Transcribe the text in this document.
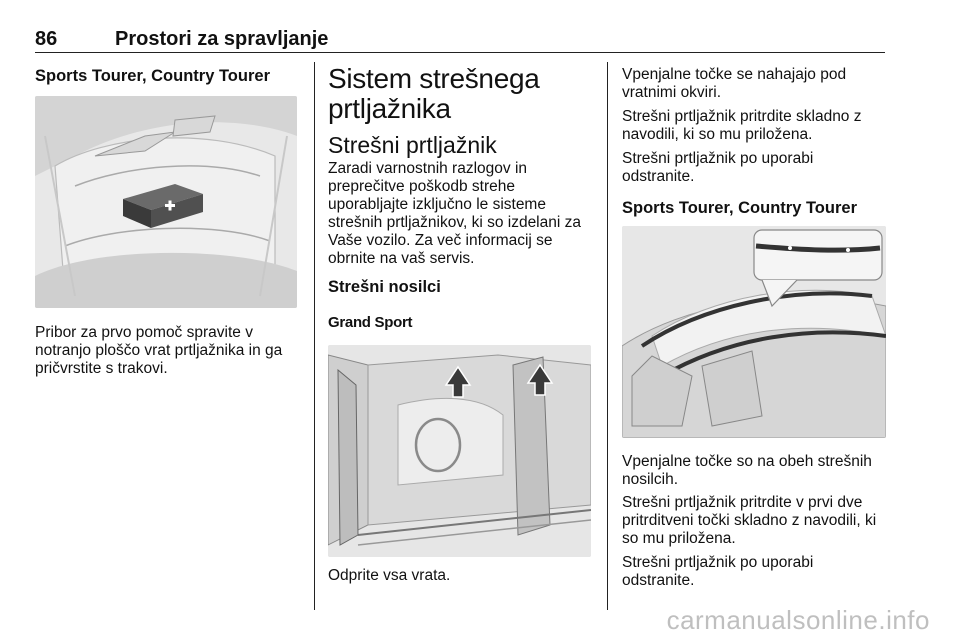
86	Prostori za spravljanje
Sports Tourer, Country Tourer

Pribor za prvo pomoč spravite v notranjo ploščo vrat prtljažnika in ga pričvrstite s trakovi.

Sistem strešnega prtljažnika
Strešni prtljažnik

Zaradi varnostnih razlogov in preprečitve poškodb strehe uporabljajte izključno le sisteme strešnih prtljažnikov, ki so izdelani za Vaše vozilo. Za več informacij se obrnite na vaš servis.

Strešni nosilci
Grand Sport

Odprite vsa vrata.

Vpenjalne točke se nahajajo pod vratnimi okviri.

Strešni prtljažnik pritrdite skladno z navodili, ki so mu priložena.

Strešni prtljažnik po uporabi odstranite.

Sports Tourer, Country Tourer

Vpenjalne točke so na obeh strešnih nosilcih.

Strešni prtljažnik pritrdite v prvi dve pritrditveni točki skladno z navodili, ki so mu priložena.

Strešni prtljažnik po uporabi odstranite.

carmanualsonline.info
